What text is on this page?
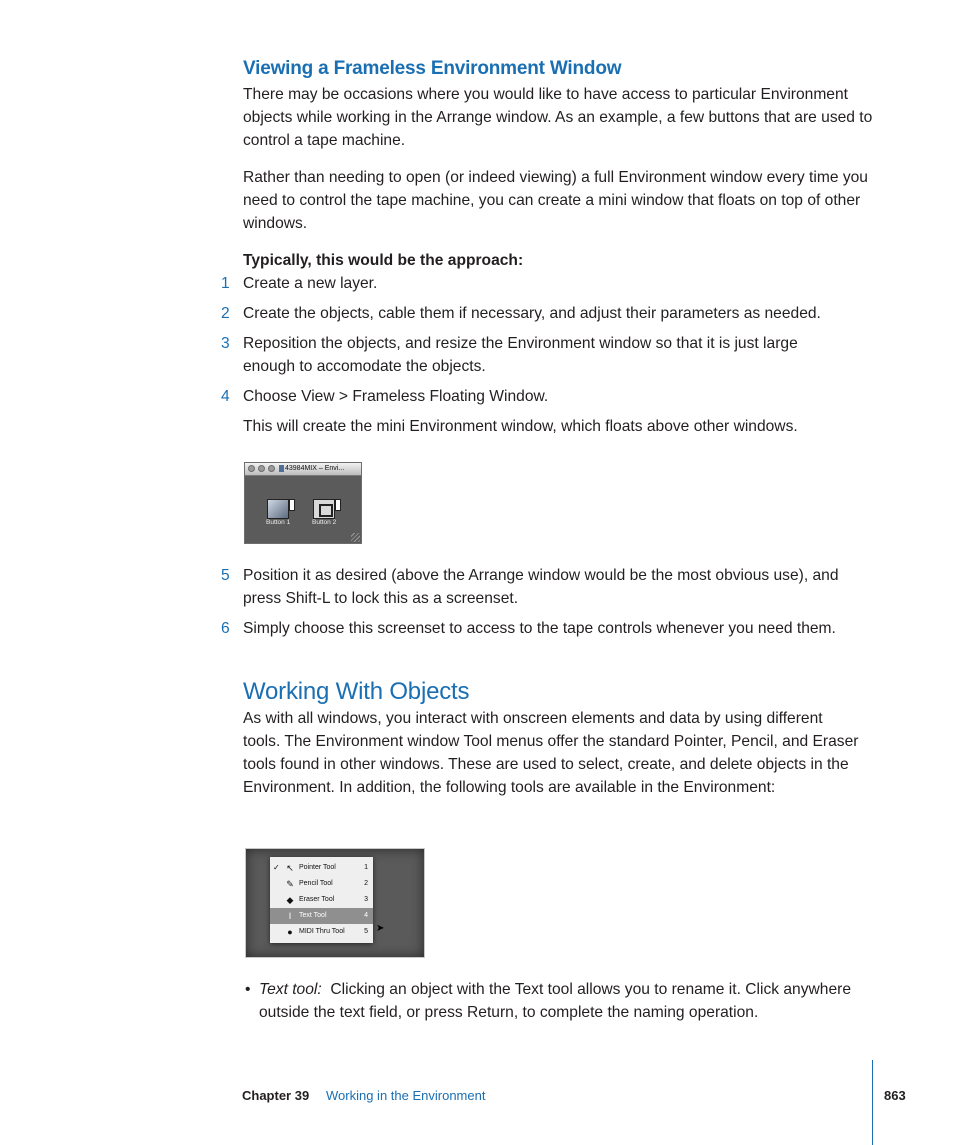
Viewing a Frameless Environment Window
There may be occasions where you would like to have access to particular Environment objects while working in the Arrange window. As an example, a few buttons that are used to control a tape machine.
Rather than needing to open (or indeed viewing) a full Environment window every time you need to control the tape machine, you can create a mini window that floats on top of other windows.
Typically, this would be the approach:
1 Create a new layer.
2 Create the objects, cable them if necessary, and adjust their parameters as needed.
3 Reposition the objects, and resize the Environment window so that it is just large enough to accomodate the objects.
4 Choose View > Frameless Floating Window.
This will create the mini Environment window, which floats above other windows.
43984MIX – Envi...
Button 1	Button 2
5 Position it as desired (above the Arrange window would be the most obvious use), and press Shift-L to lock this as a screenset.
6 Simply choose this screenset to access to the tape controls whenever you need them.
Working With Objects
As with all windows, you interact with onscreen elements and data by using different tools. The Environment window Tool menus offer the standard Pointer, Pencil, and Eraser tools found in other windows. These are used to select, create, and delete objects in the Environment. In addition, the following tools are available in the Environment:
✓ ↖ Pointer Tool	1
✎ Pencil Tool	2
◆ Eraser Tool	3
I	Text Tool	4
● MIDI Thru Tool	5 ➤
• Text tool: Clicking an object with the Text tool allows you to rename it. Click anywhere outside the text field, or press Return, to complete the naming operation.
Chapter 39 Working in the Environment	863
